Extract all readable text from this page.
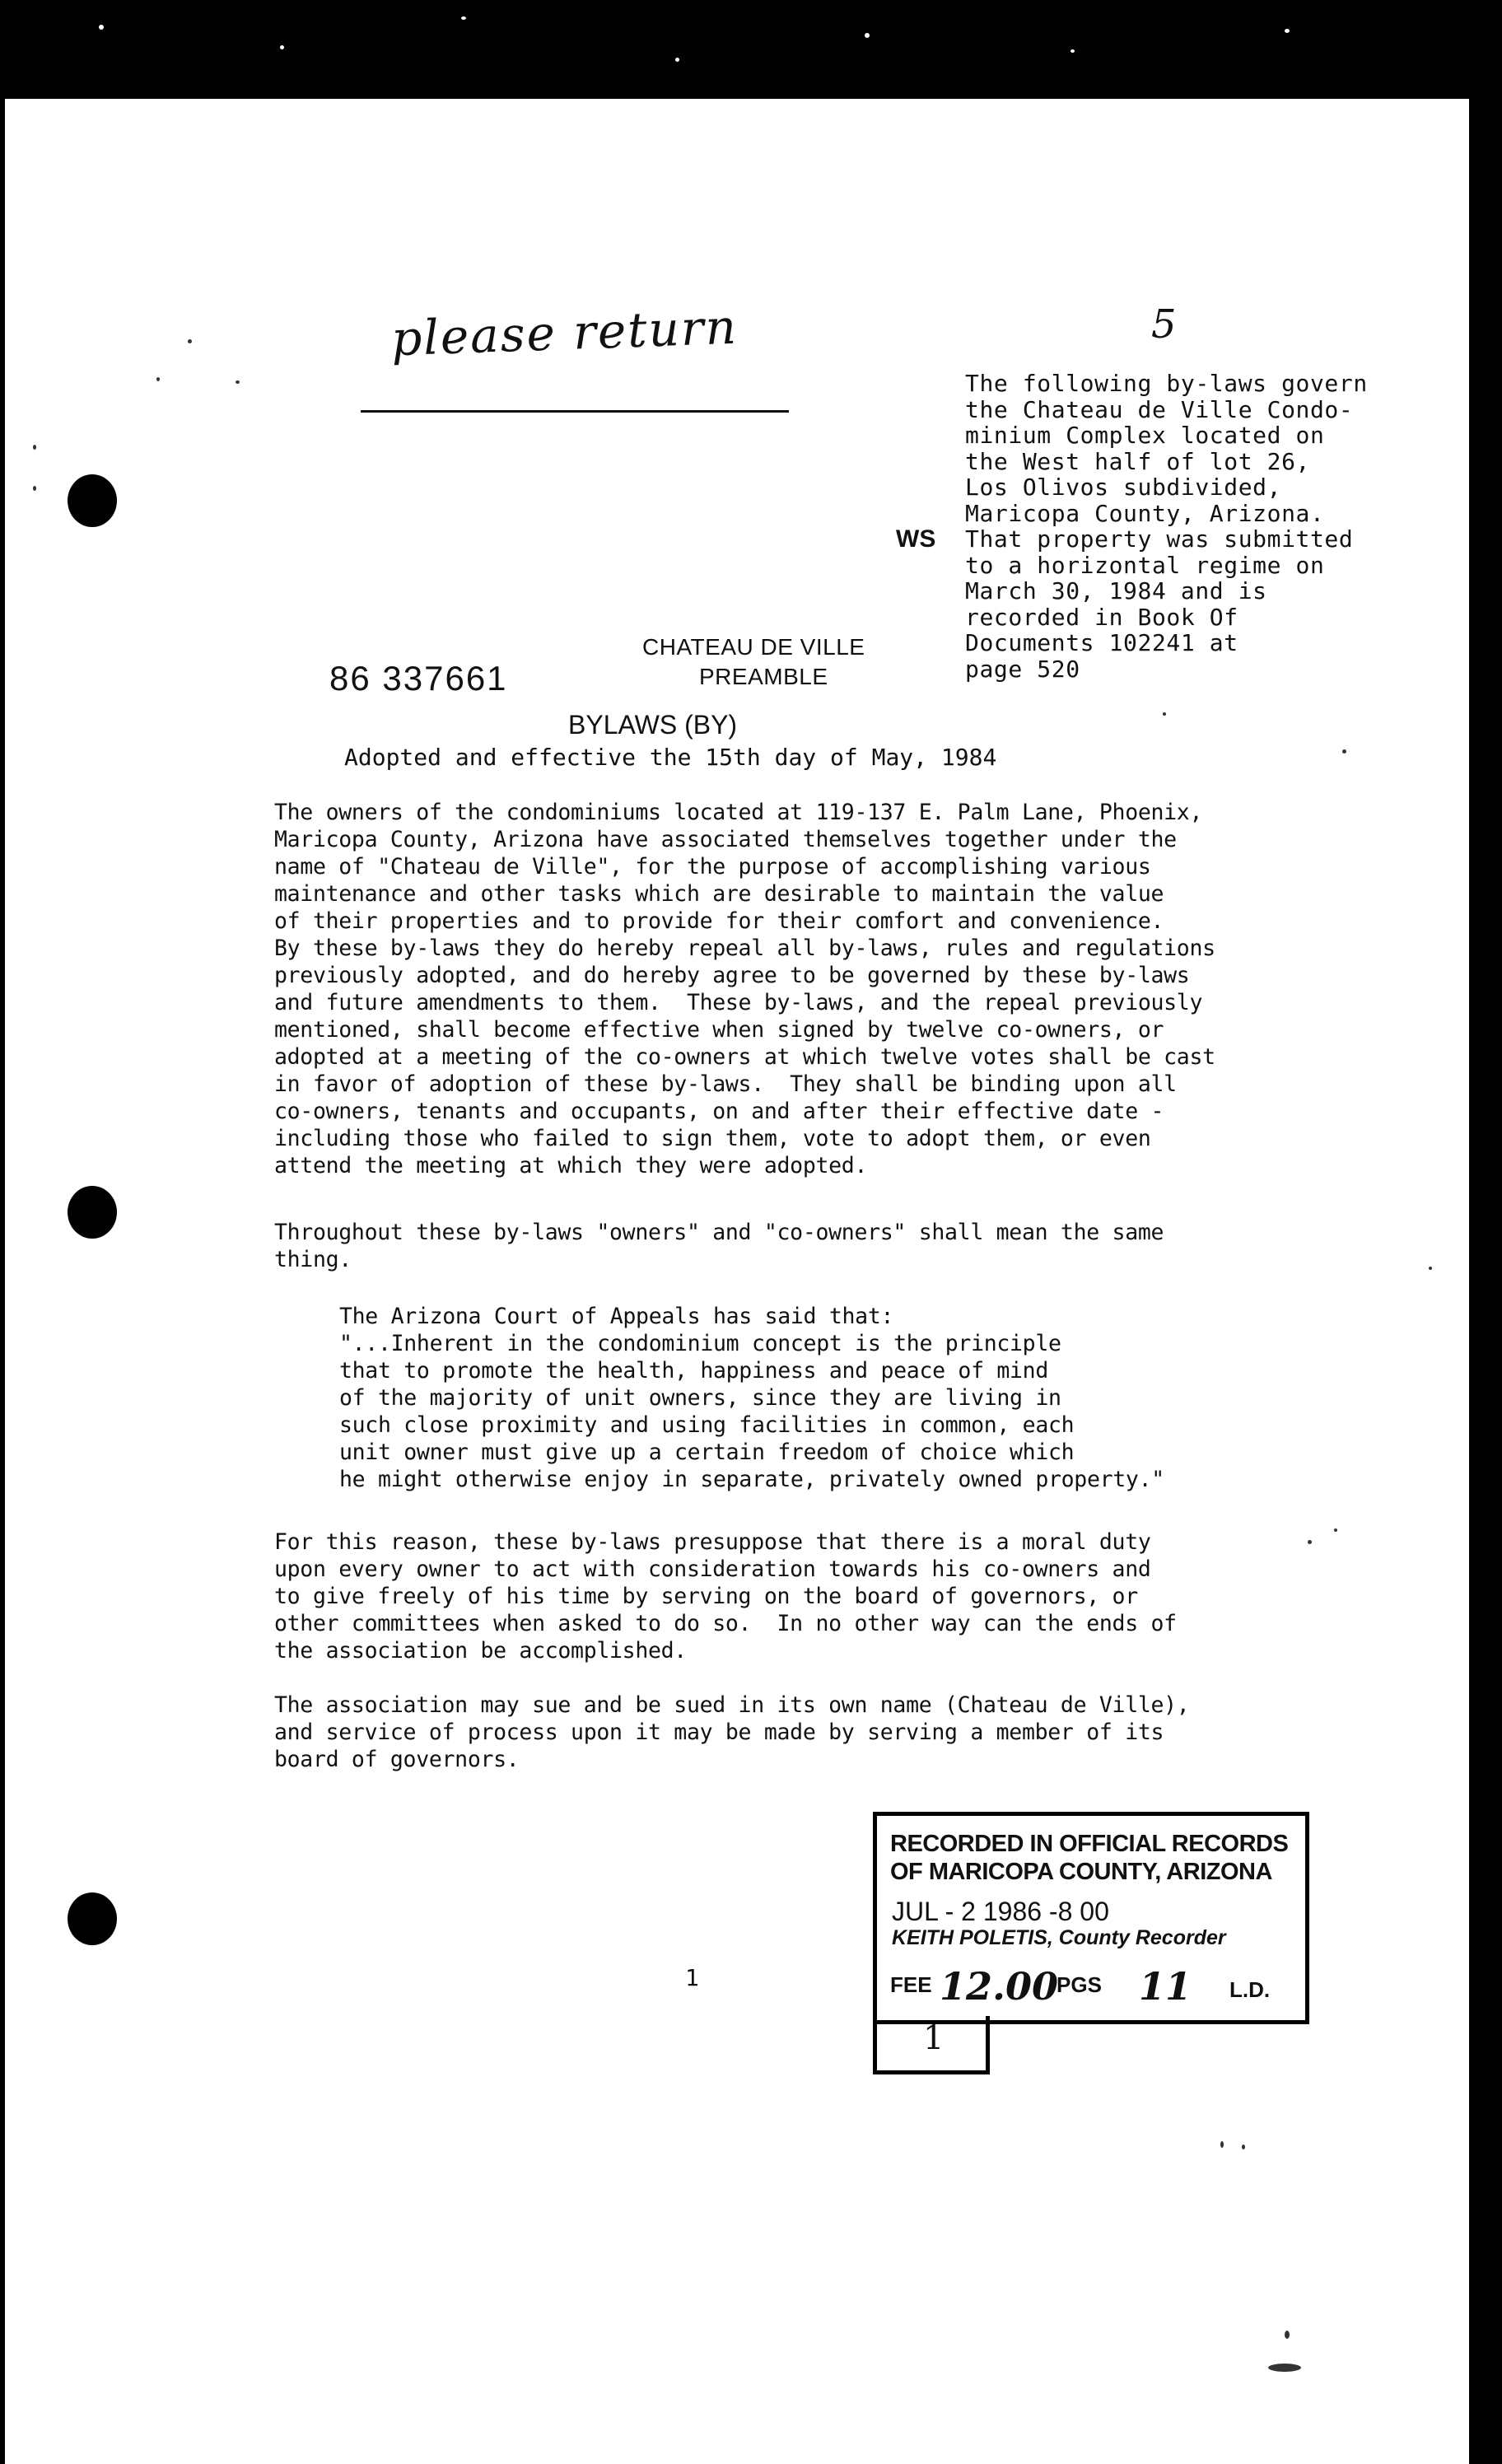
please return	5
The following by-laws govern
the Chateau de Ville Condo-
minium Complex located on
the West half of lot 26,
Los Olivos subdivided,
Maricopa County, Arizona.
That property was submitted
to a horizontal regime on
March 30, 1984 and is
recorded in Book Of
Documents 102241 at
page 520
WS
CHATEAU DE VILLE
PREAMBLE
86 337661
BYLAWS (BY)
Adopted and effective the 15th day of May, 1984
The owners of the condominiums located at 119-137 E. Palm Lane, Phoenix,
Maricopa County, Arizona have associated themselves together under the
name of "Chateau de Ville", for the purpose of accomplishing various
maintenance and other tasks which are desirable to maintain the value
of their properties and to provide for their comfort and convenience.
By these by-laws they do hereby repeal all by-laws, rules and regulations
previously adopted, and do hereby agree to be governed by these by-laws
and future amendments to them.  These by-laws, and the repeal previously
mentioned, shall become effective when signed by twelve co-owners, or
adopted at a meeting of the co-owners at which twelve votes shall be cast
in favor of adoption of these by-laws.  They shall be binding upon all
co-owners, tenants and occupants, on and after their effective date -
including those who failed to sign them, vote to adopt them, or even
attend the meeting at which they were adopted.
Throughout these by-laws "owners" and "co-owners" shall mean the same
thing.
The Arizona Court of Appeals has said that:
"...Inherent in the condominium concept is the principle
that to promote the health, happiness and peace of mind
of the majority of unit owners, since they are living in
such close proximity and using facilities in common, each
unit owner must give up a certain freedom of choice which
he might otherwise enjoy in separate, privately owned property."
For this reason, these by-laws presuppose that there is a moral duty
upon every owner to act with consideration towards his co-owners and
to give freely of his time by serving on the board of governors, or
other committees when asked to do so.  In no other way can the ends of
the association be accomplished.
The association may sue and be sued in its own name (Chateau de Ville),
and service of process upon it may be made by serving a member of its
board of governors.
1
RECORDED IN OFFICIAL RECORDS
OF MARICOPA COUNTY, ARIZONA
JUL - 2 1986 -8 00
KEITH POLETIS, County Recorder
FEE 12.00
PGS 11 L.D.
1
